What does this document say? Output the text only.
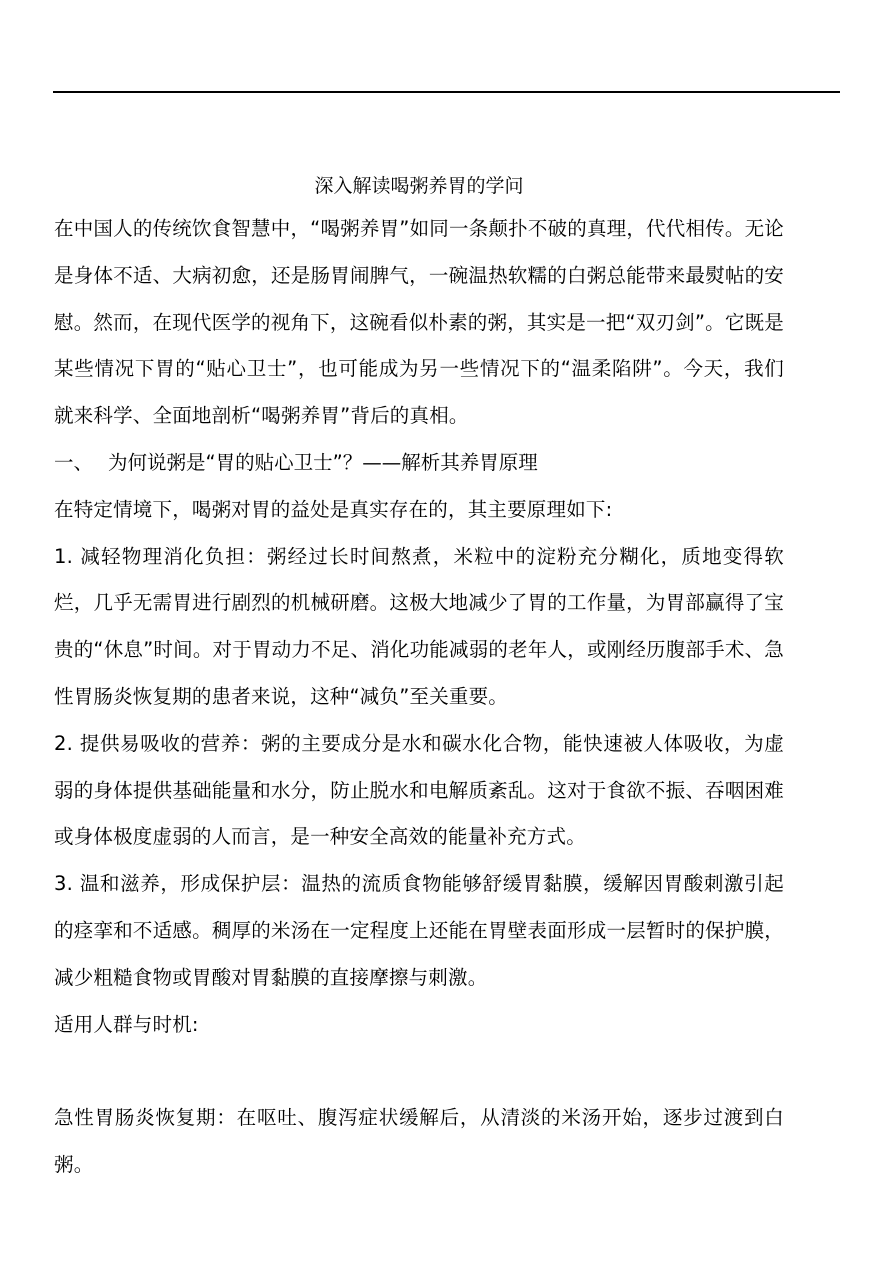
深入解读喝粥养胃的学问

在中国人的传统饮食智慧中，“喝粥养胃”如同一条颠扑不破的真理，代代相传。无论是身体不适、大病初愈，还是肠胃闹脾气，一碗温热软糯的白粥总能带来最熨帖的安慰。然而，在现代医学的视角下，这碗看似朴素的粥，其实是一把“双刃剑”。它既是某些情况下胃的“贴心卫士”，也可能成为另一些情况下的“温柔陷阱”。今天，我们就来科学、全面地剖析“喝粥养胃”背后的真相。

一、 为何说粥是“胃的贴心卫士”？——解析其养胃原理

在特定情境下，喝粥对胃的益处是真实存在的，其主要原理如下:

1. 减轻物理消化负担：粥经过长时间熬煮，米粒中的淀粉充分糊化，质地变得软烂，几乎无需胃进行剧烈的机械研磨。这极大地减少了胃的工作量，为胃部赢得了宝贵的“休息”时间。对于胃动力不足、消化功能减弱的老年人，或刚经历腹部手术、急性胃肠炎恢复期的患者来说，这种“减负”至关重要。

2. 提供易吸收的营养：粥的主要成分是水和碳水化合物，能快速被人体吸收，为虚弱的身体提供基础能量和水分，防止脱水和电解质紊乱。这对于食欲不振、吞咽困难或身体极度虚弱的人而言，是一种安全高效的能量补充方式。

3. 温和滋养，形成保护层：温热的流质食物能够舒缓胃黏膜，缓解因胃酸刺激引起的痉挛和不适感。稠厚的米汤在一定程度上还能在胃壁表面形成一层暂时的保护膜，减少粗糙食物或胃酸对胃黏膜的直接摩擦与刺激。

适用人群与时机:

急性胃肠炎恢复期：在呕吐、腹泻症状缓解后，从清淡的米汤开始，逐步过渡到白粥。
